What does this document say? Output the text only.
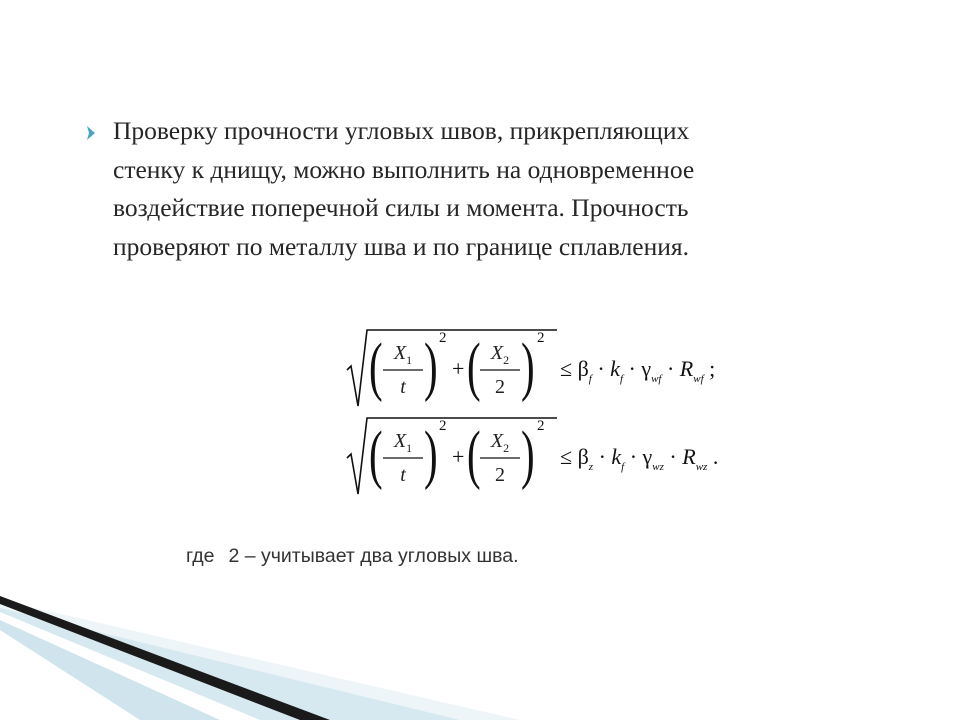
Проверку прочности угловых швов, прикрепляющих
стенку к днищу, можно выполнить на одновременное
воздействие поперечной силы и момента. Прочность
проверяют по металлу шва и по границе сплавления.
( $X_1$
t ) 2
+ ( $X_2$
2 ) 2
≤ $\beta_f \cdot k_f \cdot \gamma_{wf} \cdot R_{wf}$ ;
( $X_1$
t ) 2
+ ( $X_2$
2 ) 2
≤ $\beta_z \cdot k_f \cdot \gamma_{wz} \cdot R_{wz}$ .
где 2 – учитывает два угловых шва.
